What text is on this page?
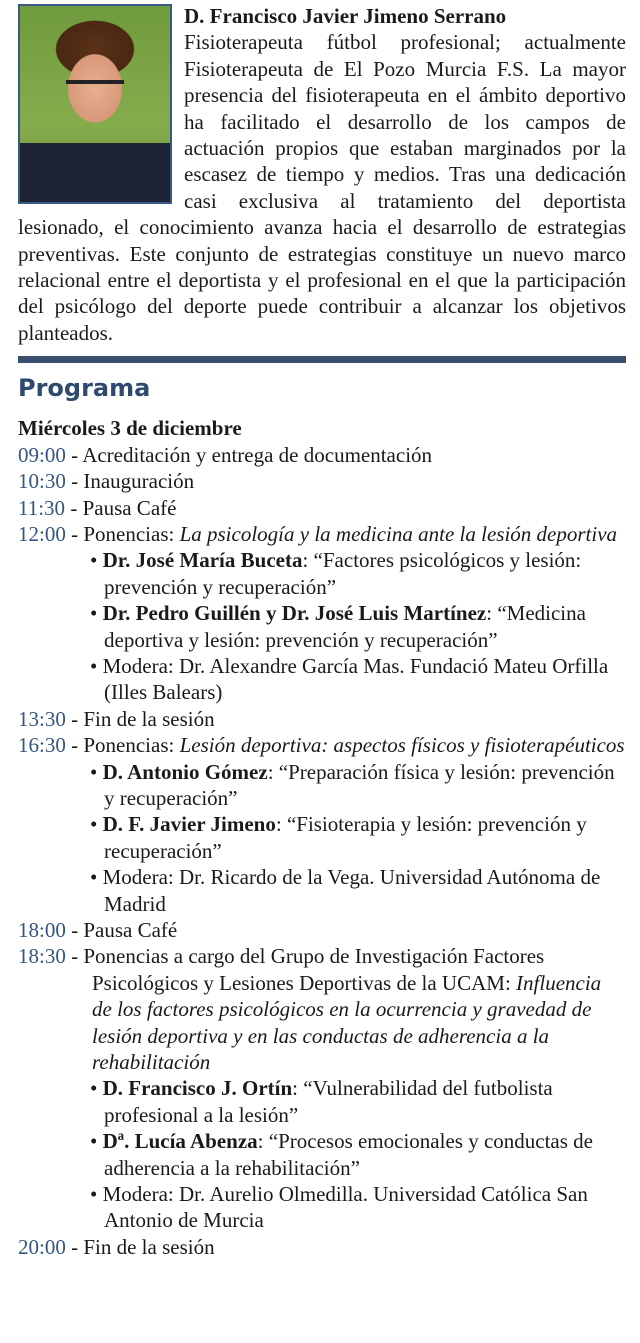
D. Francisco Javier Jimeno Serrano
Fisioterapeuta fútbol profesional; actualmente Fisioterapeuta de El Pozo Murcia F.S. La mayor presencia del fisioterapeuta en el ámbito deportivo ha facilitado el desarrollo de los campos de actuación propios que estaban marginados por la escasez de tiempo y medios. Tras una dedicación casi exclusiva al tratamiento del deportista lesionado, el conocimiento avanza hacia el desarrollo de estrategias preventivas. Este conjunto de estrategias constituye un nuevo marco relacional entre el deportista y el profesional en el que la participación del psicólogo del deporte puede contribuir a alcanzar los objetivos planteados.

Programa

Miércoles 3 de diciembre

09:00 - Acreditación y entrega de documentación

10:30 - Inauguración

11:30 - Pausa Café

12:00 - Ponencias: La psicología y la medicina ante la lesión deportiva

• Dr. José María Buceta: “Factores psicológicos y lesión: prevención y recuperación”

• Dr. Pedro Guillén y Dr. José Luis Martínez: “Medicina deportiva y lesión: prevención y recuperación”

• Modera: Dr. Alexandre García Mas. Fundació Mateu Orfilla (Illes Balears)

13:30 - Fin de la sesión

16:30 - Ponencias: Lesión deportiva: aspectos físicos y fisioterapéuticos

• D. Antonio Gómez: “Preparación física y lesión: prevención y recuperación”

• D. F. Javier Jimeno: “Fisioterapia y lesión: prevención y recuperación”

• Modera: Dr. Ricardo de la Vega. Universidad Autónoma de Madrid

18:00 - Pausa Café

18:30 - Ponencias a cargo del Grupo de Investigación Factores Psicológicos y Lesiones Deportivas de la UCAM: Influencia de los factores psicológicos en la ocurrencia y gravedad de lesión deportiva y en las conductas de adherencia a la rehabilitación

• D. Francisco J. Ortín: “Vulnerabilidad del futbolista profesional a la lesión”

• Dª. Lucía Abenza: “Procesos emocionales y conductas de adherencia a la rehabilitación”

• Modera: Dr. Aurelio Olmedilla. Universidad Católica San Antonio de Murcia

20:00 - Fin de la sesión
